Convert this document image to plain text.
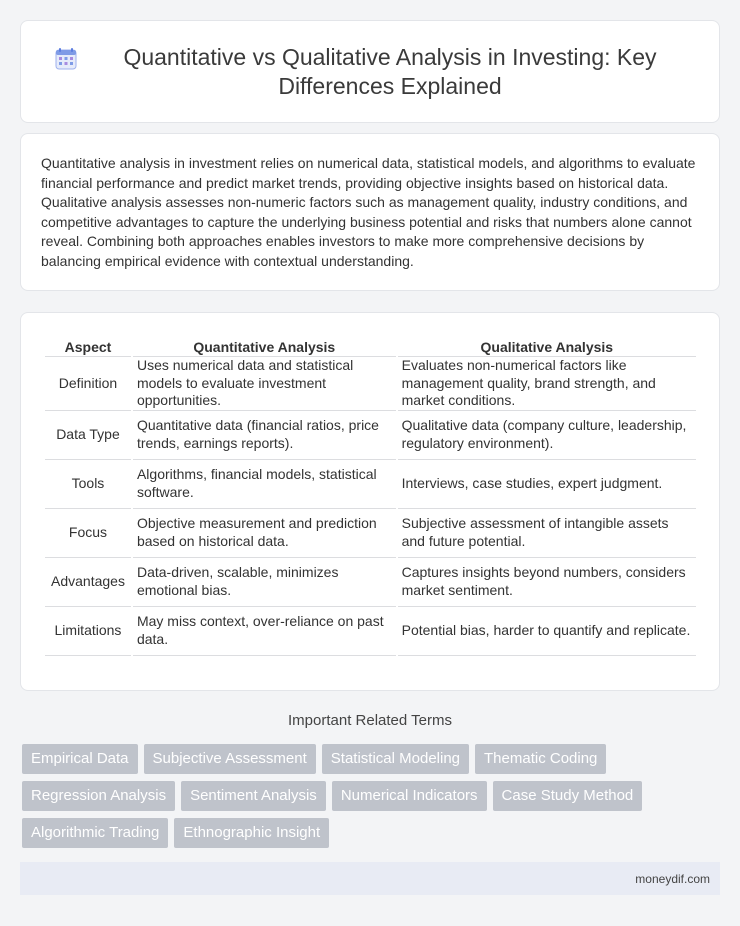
Quantitative vs Qualitative Analysis in Investing: Key Differences Explained

Quantitative analysis in investment relies on numerical data, statistical models, and algorithms to evaluate financial performance and predict market trends, providing objective insights based on historical data. Qualitative analysis assesses non-numeric factors such as management quality, industry conditions, and competitive advantages to capture the underlying business potential and risks that numbers alone cannot reveal. Combining both approaches enables investors to make more comprehensive decisions by balancing empirical evidence with contextual understanding.

Aspect	Quantitative Analysis	Qualitative Analysis
Definition	Uses numerical data and statistical models to evaluate investment opportunities.	Evaluates non-numerical factors like management quality, brand strength, and market conditions.
Data Type	Quantitative data (financial ratios, price trends, earnings reports).	Qualitative data (company culture, leadership, regulatory environment).
Tools	Algorithms, financial models, statistical software.	Interviews, case studies, expert judgment.
Focus	Objective measurement and prediction based on historical data.	Subjective assessment of intangible assets and future potential.
Advantages	Data-driven, scalable, minimizes emotional bias.	Captures insights beyond numbers, considers market sentiment.
Limitations	May miss context, over-reliance on past data.	Potential bias, harder to quantify and replicate.
Important Related Terms
Empirical Data	Subjective Assessment	Statistical Modeling	Thematic Coding
Regression Analysis	Sentiment Analysis	Numerical Indicators	Case Study Method
Algorithmic Trading	Ethnographic Insight
moneydif.com
